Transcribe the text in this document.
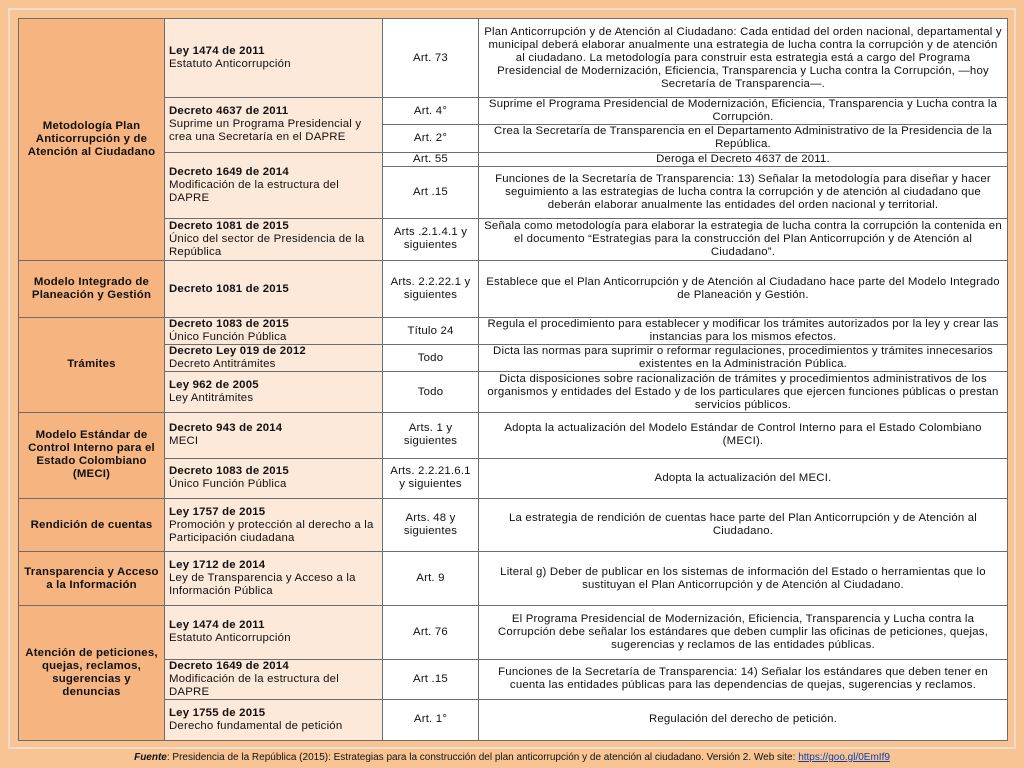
Metodología Plan Anticorrupción y de Atención al Ciudadano	Ley 1474 de 2011
Estatuto Anticorrupción	Art. 73	Plan Anticorrupción y de Atención al Ciudadano: Cada entidad del orden nacional, departamental y municipal deberá elaborar anualmente una estrategia de lucha contra la corrupción y de atención al ciudadano. La metodología para construir esta estrategia está a cargo del Programa Presidencial de Modernización, Eficiencia, Transparencia y Lucha contra la Corrupción, —hoy Secretaría de Transparencia—.

	Decreto 4637 de 2011
Suprime un Programa Presidencial y crea una Secretaría en el DAPRE	Art. 4°	Suprime el Programa Presidencial de Modernización, Eficiencia, Transparencia y Lucha contra la Corrupción.
		Art. 2°	Crea la Secretaría de Transparencia en el Departamento Administrativo de la Presidencia de la República.

	Decreto 1649 de 2014
Modificación de la estructura del DAPRE	Art. 55	Deroga el Decreto 4637 de 2011.
		Art .15	Funciones de la Secretaría de Transparencia: 13) Señalar la metodología para diseñar y hacer seguimiento a las estrategias de lucha contra la corrupción y de atención al ciudadano que deberán elaborar anualmente las entidades del orden nacional y territorial.

	Decreto 1081 de 2015
Único del sector de Presidencia de la República	Arts .2.1.4.1 y siguientes	Señala como metodología para elaborar la estrategia de lucha contra la corrupción la contenida en el documento “Estrategias para la construcción del Plan Anticorrupción y de Atención al Ciudadano”.
Modelo Integrado de Planeación y Gestión	Decreto 1081 de 2015	Arts. 2.2.22.1 y siguientes	Establece que el Plan Anticorrupción y de Atención al Ciudadano hace parte del Modelo Integrado de Planeación y Gestión.
Trámites	Decreto 1083 de 2015
Único Función Pública	Título 24	Regula el procedimiento para establecer y modificar los trámites autorizados por la ley y crear las instancias para los mismos efectos.

	Decreto Ley 019 de 2012
Decreto Antitrámites	Todo	Dicta las normas para suprimir o reformar regulaciones, procedimientos y trámites innecesarios existentes en la Administración Pública.

	Ley 962 de 2005
Ley Antitrámites	Todo	Dicta disposiciones sobre racionalización de trámites y procedimientos administrativos de los organismos y entidades del Estado y de los particulares que ejercen funciones públicas o prestan servicios públicos.
Modelo Estándar de Control Interno para el Estado Colombiano (MECI)	Decreto 943 de 2014
MECI	Arts. 1 y siguientes	Adopta la actualización del Modelo Estándar de Control Interno para el Estado Colombiano (MECI).

	Decreto 1083 de 2015
Único Función Pública	Arts. 2.2.21.6.1 y siguientes	Adopta la actualización del MECI.
Rendición de cuentas	Ley 1757 de 2015
Promoción y protección al derecho a la Participación ciudadana	Arts. 48 y siguientes	La estrategia de rendición de cuentas hace parte del Plan Anticorrupción y de Atención al Ciudadano.
Transparencia y Acceso a la Información	Ley 1712 de 2014
Ley de Transparencia y Acceso a la Información Pública	Art. 9	Literal g) Deber de publicar en los sistemas de información del Estado o herramientas que lo sustituyan el Plan Anticorrupción y de Atención al Ciudadano.
Atención de peticiones, quejas, reclamos, sugerencias y denuncias	Ley 1474 de 2011
Estatuto Anticorrupción	Art. 76	El Programa Presidencial de Modernización, Eficiencia, Transparencia y Lucha contra la Corrupción debe señalar los estándares que deben cumplir las oficinas de peticiones, quejas, sugerencias y reclamos de las entidades públicas.

	Decreto 1649 de 2014
Modificación de la estructura del DAPRE	Art .15	Funciones de la Secretaría de Transparencia: 14) Señalar los estándares que deben tener en cuenta las entidades públicas para las dependencias de quejas, sugerencias y reclamos.

	Ley 1755 de 2015
Derecho fundamental de petición	Art. 1°	Regulación del derecho de petición.
Fuente: Presidencia de la República (2015): Estrategias para la construcción del plan anticorrupción y de atención al ciudadano. Versión 2. Web site: https://goo.gl/0EmIf9
